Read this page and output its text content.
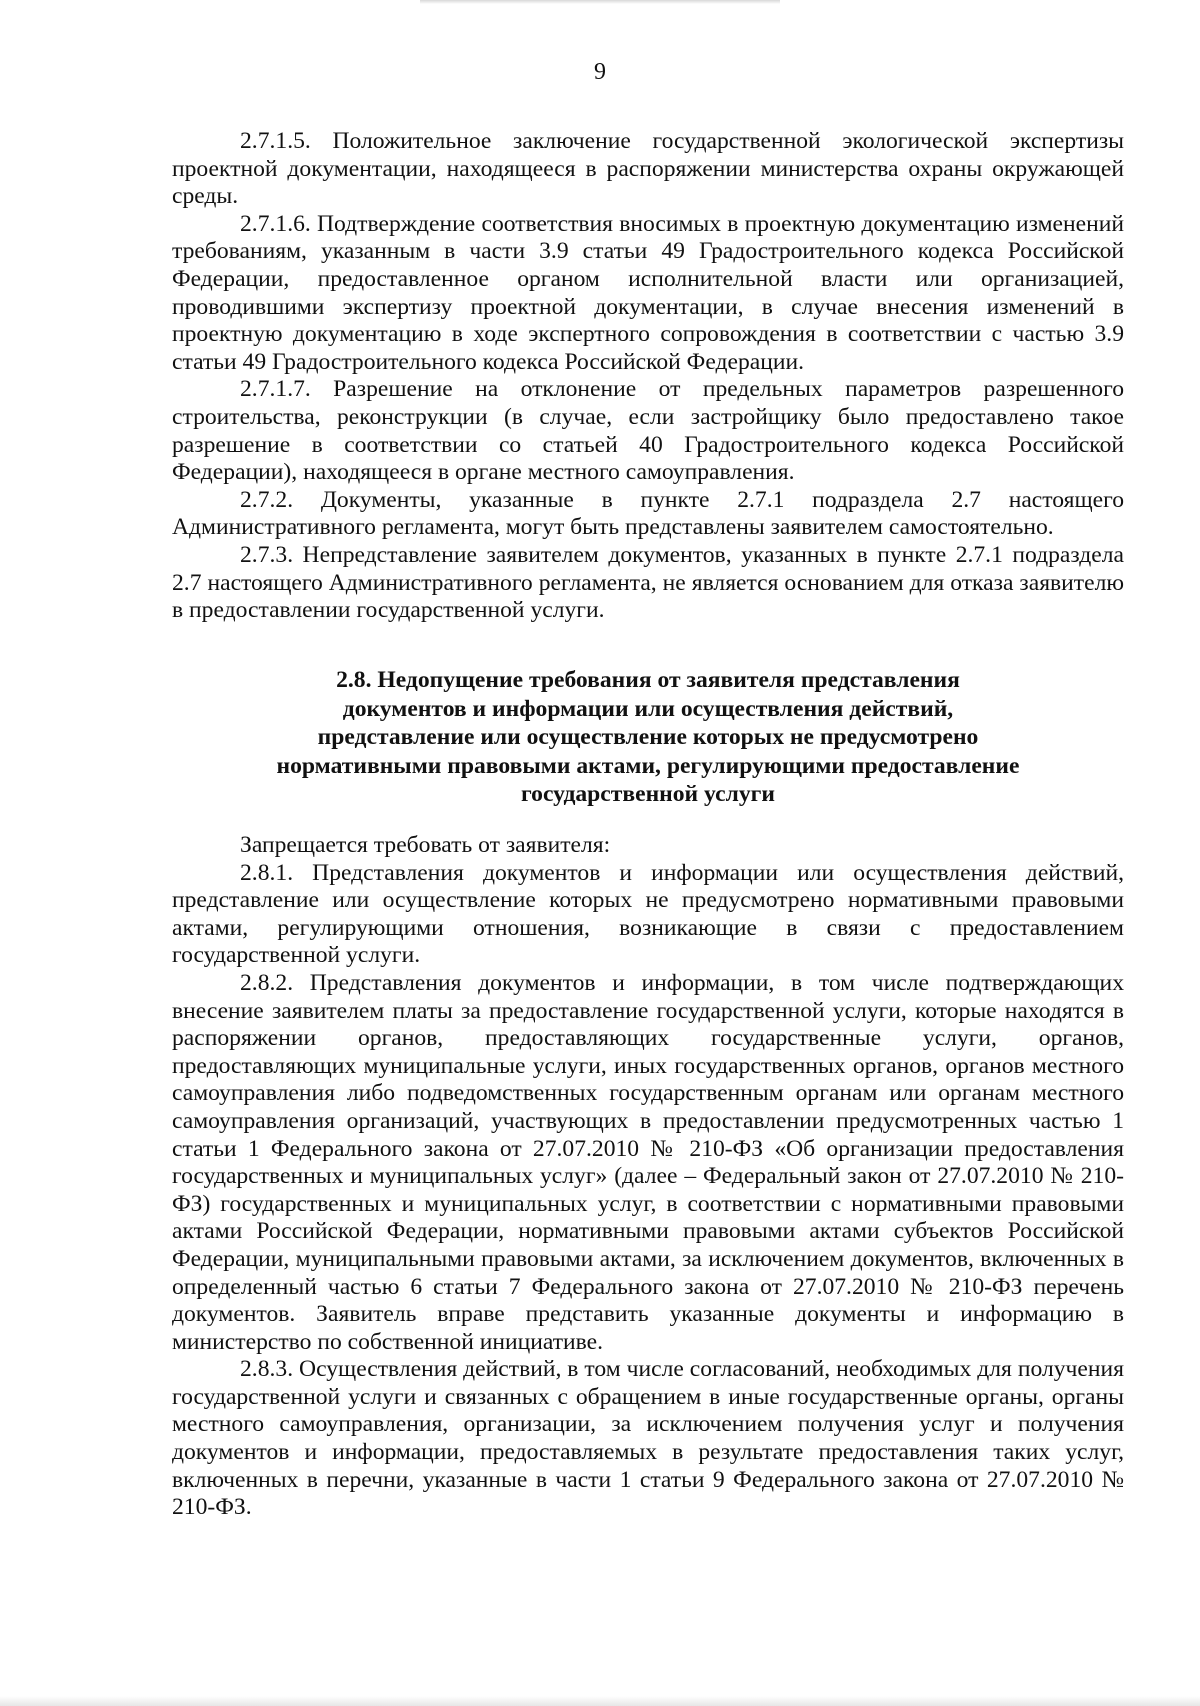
9

2.7.1.5. Положительное заключение государственной экологической экспертизы проектной документации, находящееся в распоряжении министерства охраны окружающей среды.

2.7.1.6. Подтверждение соответствия вносимых в проектную документацию изменений требованиям, указанным в части 3.9 статьи 49 Градостроительного кодекса Российской Федерации, предоставленное органом исполнительной власти или организацией, проводившими экспертизу проектной документации, в случае внесения изменений в проектную документацию в ходе экспертного сопровождения в соответствии с частью 3.9 статьи 49 Градостроительного кодекса Российской Федерации.

2.7.1.7. Разрешение на отклонение от предельных параметров разрешенного строительства, реконструкции (в случае, если застройщику было предоставлено такое разрешение в соответствии со статьей 40 Градостроительного кодекса Российской Федерации), находящееся в органе местного самоуправления.

2.7.2. Документы, указанные в пункте 2.7.1 подраздела 2.7 настоящего Административного регламента, могут быть представлены заявителем самостоятельно.

2.7.3. Непредставление заявителем документов, указанных в пункте 2.7.1 подраздела 2.7 настоящего Административного регламента, не является основанием для отказа заявителю в предоставлении государственной услуги.

2.8. Недопущение требования от заявителя представления
документов и информации или осуществления действий,
представление или осуществление которых не предусмотрено
нормативными правовыми актами, регулирующими предоставление
государственной услуги

Запрещается требовать от заявителя:

2.8.1. Представления документов и информации или осуществления действий, представление или осуществление которых не предусмотрено нормативными правовыми актами, регулирующими отношения, возникающие в связи с предоставлением государственной услуги.

2.8.2. Представления документов и информации, в том числе подтверждающих внесение заявителем платы за предоставление государственной услуги, которые находятся в распоряжении органов, предоставляющих государственные услуги, органов, предоставляющих муниципальные услуги, иных государственных органов, органов местного самоуправления либо подведомственных государственным органам или органам местного самоуправления организаций, участвующих в предоставлении предусмотренных частью 1 статьи 1 Федерального закона от 27.07.2010 № 210-ФЗ «Об организации предоставления государственных и муниципальных услуг» (далее – Федеральный закон от 27.07.2010 № 210-ФЗ) государственных и муниципальных услуг, в соответствии с нормативными правовыми актами Российской Федерации, нормативными правовыми актами субъектов Российской Федерации, муниципальными правовыми актами, за исключением документов, включенных в определенный частью 6 статьи 7 Федерального закона от 27.07.2010 № 210-ФЗ перечень документов. Заявитель вправе представить указанные документы и информацию в министерство по собственной инициативе.

2.8.3. Осуществления действий, в том числе согласований, необходимых для получения государственной услуги и связанных с обращением в иные государственные органы, органы местного самоуправления, организации, за исключением получения услуг и получения документов и информации, предоставляемых в результате предоставления таких услуг, включенных в перечни, указанные в части 1 статьи 9 Федерального закона от 27.07.2010 № 210-ФЗ.
